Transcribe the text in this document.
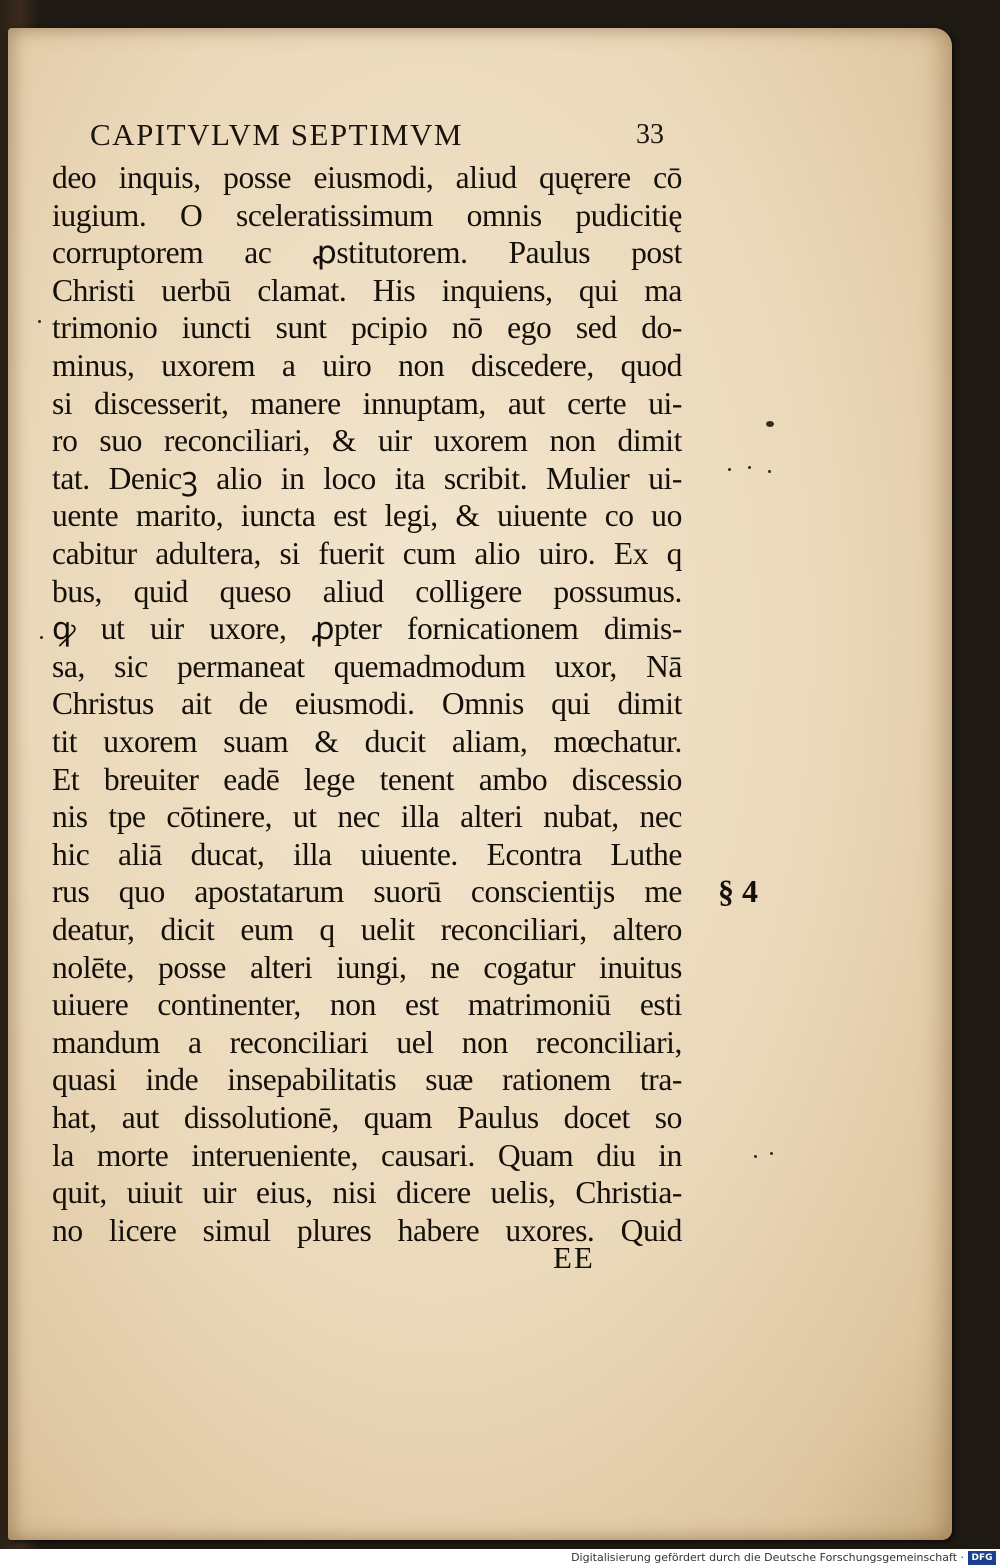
CAPITVLVM SEPTIMVM	33
deo inquis, posse eiusmodi, aliud quęrere cō
iugium. O sceleratissimum omnis pudicitię
corruptorem ac ꝓstitutorem. Paulus post
Christi uerbū clamat. His inquiens, qui ma
trimonio iuncti sunt pcipio nō ego sed do-
minus, uxorem a uiro non discedere, quod
si discesserit, manere innuptam, aut certe ui-
ro suo reconciliari, & uir uxorem non dimit
tat. Denicꝫ alio in loco ita scribit. Mulier ui-
uente marito, iuncta est legi, & uiuente co uo
cabitur adultera, si fuerit cum alio uiro. Ex q
bus, quid queso aliud colligere possumus.
ꝙ ut uir uxore, ꝓpter fornicationem dimis-
sa, sic permaneat quemadmodum uxor, Nā
Christus ait de eiusmodi. Omnis qui dimit
tit uxorem suam & ducit aliam, mœchatur.
Et breuiter eadē lege tenent ambo discessio
nis tpe cōtinere, ut nec illa alteri nubat, nec
hic aliā ducat, illa uiuente. Econtra Luthe
rus quo apostatarum suorū conscientijs me
deatur, dicit eum q uelit reconciliari, altero
nolēte, posse alteri iungi, ne cogatur inuitus
uiuere continenter, non est matrimoniū esti
mandum a reconciliari uel non reconciliari,
quasi inde insepabilitatis suæ rationem tra-
hat, aut dissolutionē, quam Paulus docet so
la morte interueniente, causari. Quam diu in
quit, uiuit uir eius, nisi dicere uelis, Christia-
no licere simul plures habere uxores. Quid
EE
§ 4
Digitalisierung gefördert durch die Deutsche Forschungsgemeinschaft · DFG
